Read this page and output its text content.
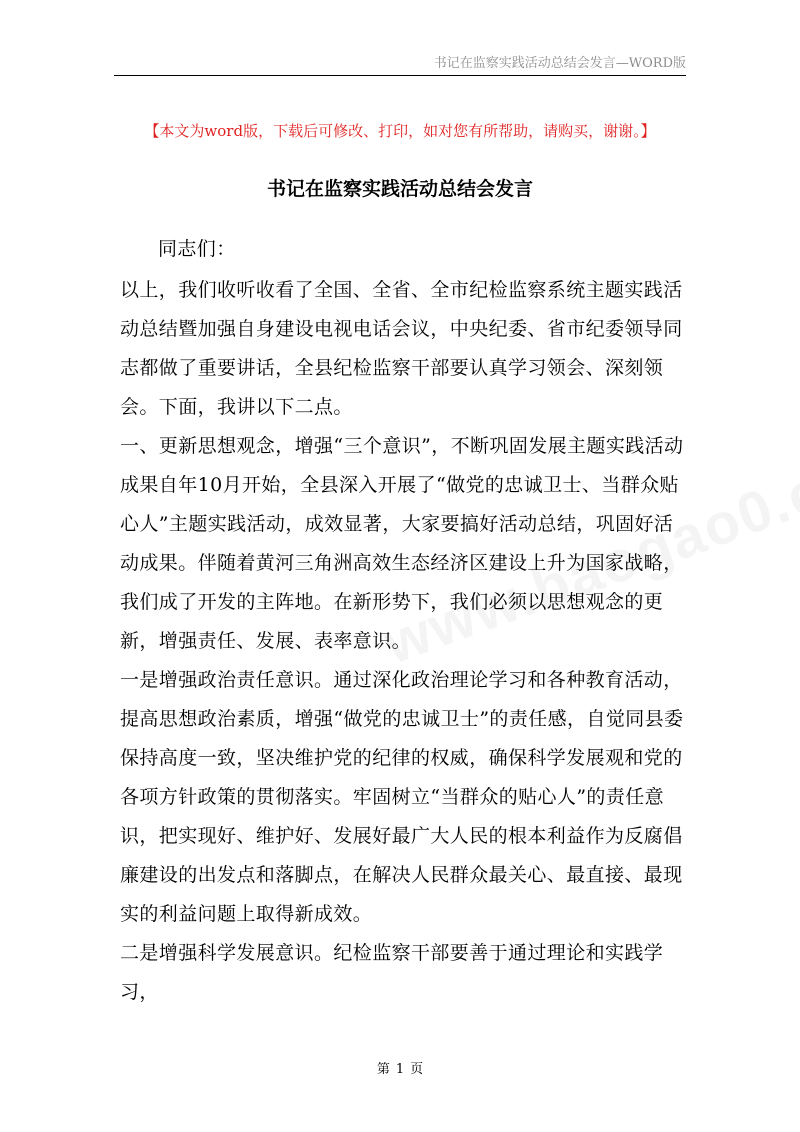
书记在监察实践活动总结会发言—WORD版
【本文为word版，下载后可修改、打印，如对您有所帮助，请购买，谢谢。】
书记在监察实践活动总结会发言

同志们：

以上，我们收听收看了全国、全省、全市纪检监察系统主题实践活动总结暨加强自身建设电视电话会议，中央纪委、省市纪委领导同志都做了重要讲话，全县纪检监察干部要认真学习领会、深刻领会。下面，我讲以下二点。

一、更新思想观念，增强“三个意识”，不断巩固发展主题实践活动成果自年10月开始，全县深入开展了“做党的忠诚卫士、当群众贴心人”主题实践活动，成效显著，大家要搞好活动总结，巩固好活动成果。伴随着黄河三角洲高效生态经济区建设上升为国家战略，我们成了开发的主阵地。在新形势下，我们必须以思想观念的更新，增强责任、发展、表率意识。

一是增强政治责任意识。通过深化政治理论学习和各种教育活动，提高思想政治素质，增强“做党的忠诚卫士”的责任感，自觉同县委保持高度一致，坚决维护党的纪律的权威，确保科学发展观和党的各项方针政策的贯彻落实。牢固树立“当群众的贴心人”的责任意识，把实现好、维护好、发展好最广大人民的根本利益作为反腐倡廉建设的出发点和落脚点，在解决人民群众最关心、最直接、最现实的利益问题上取得新成效。

二是增强科学发展意识。纪检监察干部要善于通过理论和实践学习，

第 1 页
